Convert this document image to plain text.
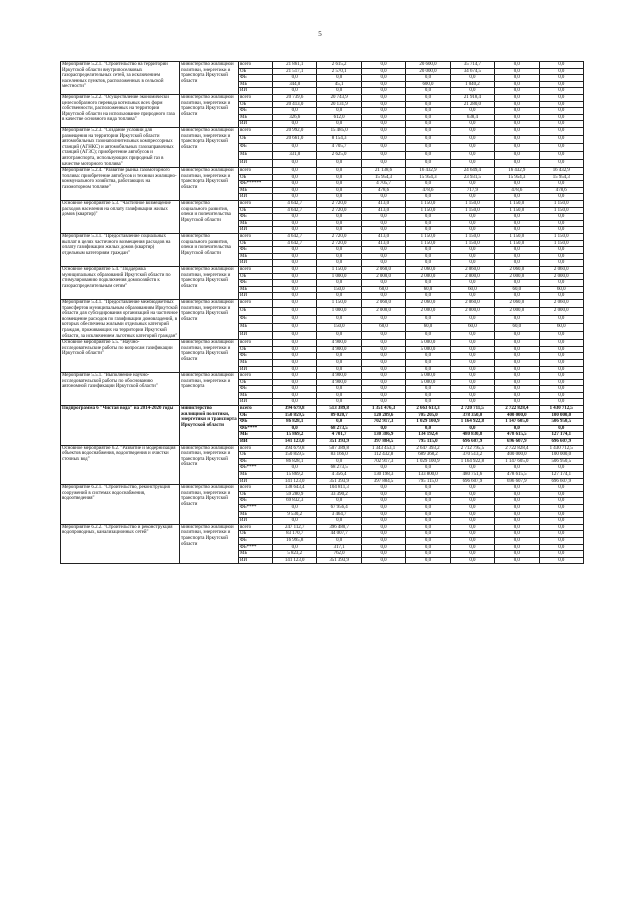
5
Мероприятие 5.2.1. "Строительство на территории Иркутской области внутрипоселковых газораспределительных сетей, за исключением населенных пунктов, расположенных в сельской местности"	министерство жилищной политики, энергетики и транспорта Иркутской области	всего	21 861,1	2 615,2	0,0	20 600,0	35 714,7	0,0	0,0
		ОБ	21 517,1	2 570,1	0,0	20 000,0	34 674,5	0,0	0,0
		ФБ	0,0	0,0	0,0	0,0	0,0	0,0	0,0
		МБ	344,0	45,1	0,0	600,0	1 040,2	0,0	0,0
		ИИ	0,0	0,0	0,0	0,0	0,0	0,0	0,0
Мероприятие 5.2.2. "Осуществление экономически целесообразного перевода котельных всех форм собственности, расположенных на территории Иркутской области на использование природного газа в качестве основного вида топлива"	министерство жилищной политики, энергетики и транспорта Иркутской области	всего	20 739,6	20 743,9	0,0	0,0	21 918,4	0,0	0,0
		ОБ	20 413,0	20 131,9	0,0	0,0	21 280,0	0,0	0,0
		ФБ	0,0	0,0	0,0	0,0	0,0	0,0	0,0
		МБ	326,6	612,0	0,0	0,0	638,4	0,0	0,0
		ИИ	0,0	0,0	0,0	0,0	0,0	0,0	0,0
Мероприятие 5.2.3. "Создание условий для размещения на территории Иркутской области автомобильных газонаполнительных компрессорных станций (АГНКС) и автомобильных газозаправочных станций (АГЗС); приобретение автобусов и автотранспорта, использующих природный газ в качестве моторного топлива"	министерство жилищной политики, энергетики и транспорта Иркутской области	всего	20 992,0	15 485,0	0,0	0,0	0,0	0,0	0,0
		ОБ	20 661,0	8 154,3	0,0	0,0	0,0	0,0	0,0
		ФБ	0,0	4 705,7	0,0	0,0	0,0	0,0	0,0
		МБ	331,0	2 625,0	0,0	0,0	0,0	0,0	0,0
		ИИ	0,0	0,0	0,0	0,0	0,0	0,0	0,0
Мероприятие 5.2.4. "Развитие рынка газомоторного топлива: приобретение автобусов и техники жилищно-коммунального хозяйства, работающих на газомоторном топливе"	министерство жилищной политики, энергетики и транспорта Иркутской области	всего	0,0	0,0	21 138,6	16 432,9	24 649,4	16 432,9	16 432,9
		ОБ	0,0	0,0	15 954,3	15 954,3	23 931,5	15 954,3	15 954,3
		ФБ******	0,0	0,0	4 705,7	0,0	0,0	0,0	0,0
		МБ	0,0	0,0	478,6	478,6	717,9	478,6	478,6
		ИИ	0,0	0,0	0,0	0,0	0,0	0,0	0,0
Основное мероприятие 5.3. "Частичное возмещение расходов населения на оплату газификации жилых домов (квартир)"	министерство социального развития, опеки и попечительства Иркутской области	всего	4 642,7	2 720,0	413,0	1 150,0	1 150,0	1 150,0	1 150,0
		ОБ	4 642,7	2 720,0	413,0	1 150,0	1 150,0	1 150,0	1 150,0
		ФБ	0,0	0,0	0,0	0,0	0,0	0,0	0,0
		МБ	0,0	0,0	0,0	0,0	0,0	0,0	0,0
		ИИ	0,0	0,0	0,0	0,0	0,0	0,0	0,0
Мероприятие 5.3.1. "Предоставление социальных выплат в целях частичного возмещения расходов на оплату газификации жилых домов (квартир) отдельным категориям граждан"	министерство социального развития, опеки и попечительства Иркутской области	всего	4 642,7	2 720,0	413,0	1 150,0	1 150,0	1 150,0	1 150,0
		ОБ	4 642,7	2 720,0	413,0	1 150,0	1 150,0	1 150,0	1 150,0
		ФБ	0,0	0,0	0,0	0,0	0,0	0,0	0,0
		МБ	0,0	0,0	0,0	0,0	0,0	0,0	0,0
		ИИ	0,0	0,0	0,0	0,0	0,0	0,0	0,0
Основное мероприятие 5.4. "Поддержка муниципальных образований Иркутской области по стимулированию подключения домохозяйств к газораспределительным сетям"	министерство жилищной политики, энергетики и транспорта Иркутской области	всего	0,0	1 150,0	2 060,0	2 060,0	2 060,0	2 060,0	2 060,0
		ОБ	0,0	1 000,0	2 000,0	2 000,0	2 000,0	2 000,0	2 000,0
		ФБ	0,0	0,0	0,0	0,0	0,0	0,0	0,0
		МБ	0,0	150,0	60,0	60,0	60,0	60,0	60,0
		ИИ	0,0	0,0	0,0	0,0	0,0	0,0	0,0
Мероприятие 5.4.1. "Предоставление межбюджетных трансфертов муниципальным образованиям Иркутской области для субсидирования организаций на частичное возмещение расходов по газификации домовладений, в которых обеспечены жилыми отдельных категорий граждан, проживающих на территории Иркутской области, за исключением льготных категорий граждан"	министерство жилищной политики, энергетики и транспорта Иркутской области	всего	0,0	1 150,0	2 060,0	2 060,0	2 060,0	2 060,0	2 060,0
		ОБ	0,0	1 000,0	2 000,0	2 000,0	2 000,0	2 000,0	2 000,0
		ФБ	0,0	0,0	0,0	0,0	0,0	0,0	0,0
		МБ	0,0	150,0	60,0	60,0	60,0	60,0	60,0
		ИИ	0,0	0,0	0,0	0,0	0,0	0,0	0,0
Основное мероприятие 5.5. "Научно-исследовательские работы по вопросам газификации Иркутской области"	министерство жилищной политики, энергетики и транспорта Иркутской области	всего	0,0	4 900,0	0,0	5 000,0	0,0	0,0	0,0
		ОБ	0,0	4 900,0	0,0	5 000,0	0,0	0,0	0,0
		ФБ	0,0	0,0	0,0	0,0	0,0	0,0	0,0
		МБ	0,0	0,0	0,0	0,0	0,0	0,0	0,0
		ИИ	0,0	0,0	0,0	0,0	0,0	0,0	0,0
Мероприятие 5.5.1. "Выполнение научно-исследовательской работы по обоснованию автономной газификации Иркутской области"	министерство жилищной политики, энергетики и транспорта	всего	0,0	4 900,0	0,0	5 000,0	0,0	0,0	0,0
		ОБ	0,0	4 900,0	0,0	5 000,0	0,0	0,0	0,0
		ФБ	0,0	0,0	0,0	0,0	0,0	0,0	0,0
		МБ	0,0	0,0	0,0	0,0	0,0	0,0	0,0
		ИИ	0,0	0,0	0,0	0,0	0,0	0,0	0,0
Подпрограмма 6 "Чистая вода" на 2014-2020 годы	министерство жилищной политики, энергетики и транспорта Иркутской области	всего	394 679,8	513 389,8	1 351 476,3	2 663 613,3	2 720 711,5	2 722 828,4	1 430 712,5
		ОБ	150 859,5	89 020,7	120 289,6	705 205,0	378 350,0	400 000,0	100 000,0
		ФБ	86 828,1	0,0	702 917,3	1 029 100,9	1 164 922,8	1 147 605,0	506 950,5
		ФБ****	0,0	68 273,5	0,0	0,0	0,0	0,0	0,0
		МБ	15 869,2	4 701,7	130 386,9	134 192,4	480 830,8	478 615,5	127 174,1
		ИИ	141 123,0	351 393,9	397 884,5	795 115,0	696 607,9	696 607,9	696 607,9
Основное мероприятие 6.2. "Развитие и модернизация объектов водоснабжения, водоотведения и очистки сточных вод"	министерство жилищной политики, энергетики и транспорта Иркутской области	всего	394 679,8	507 389,8	1 343 453,1	2 647 393,2	2 712 795,5	2 722 828,4	1 430 712,5
		ОБ	150 859,5	83 166,0	112 432,8	689 368,2	370 513,2	400 000,0	100 000,0
		ФБ	86 828,1	0,0	702 917,3	1 029 100,9	1 164 922,8	1 147 605,0	506 950,5
		ФБ****	0,0	68 273,5	0,0	0,0	0,0	0,0	0,0
		МБ	15 869,2	4 356,4	130 198,3	133 800,0	480 751,6	478 615,5	127 174,1
		ИИ	141 123,0	351 393,9	397 884,5	795 115,0	696 607,9	696 607,9	696 607,9
Мероприятие 6.2.1. "Строительство, реконструкция сооружений в системах водоснабжения, водоотведения"	министерство жилищной политики, энергетики и транспорта Иркутской области	всего	138 643,4	104 811,3	0,0	0,0	0,0	0,0	0,0
		ОБ	59 280,9	33 390,2	0,0	0,0	0,0	0,0	0,0
		ФБ	69 832,3	0,0	0,0	0,0	0,0	0,0	0,0
		ФБ****	0,0	67 956,4	0,0	0,0	0,0	0,0	0,0
		МБ	9 530,2	3 464,7	0,0	0,0	0,0	0,0	0,0
		ИИ	0,0	0,0	0,0	0,0	0,0	0,0	0,0
Мероприятие 6.2.2. "Строительство и реконструкция водопроводных, канализационных сетей"	министерство жилищной политики, энергетики и транспорта Иркутской области	всего	247 112,7	396 480,7	0,0	0,0	0,0	0,0	0,0
		ОБ	83 170,7	44 007,7	0,0	0,0	0,0	0,0	0,0
		ФБ	16 995,8	0,0	0,0	0,0	0,0	0,0	0,0
		ФБ****	0,0	317,1	0,0	0,0	0,0	0,0	0,0
		МБ	5 823,2	762,0	0,0	0,0	0,0	0,0	0,0
		ИИ	141 123,0	351 393,9	0,0	0,0	0,0	0,0	0,0
